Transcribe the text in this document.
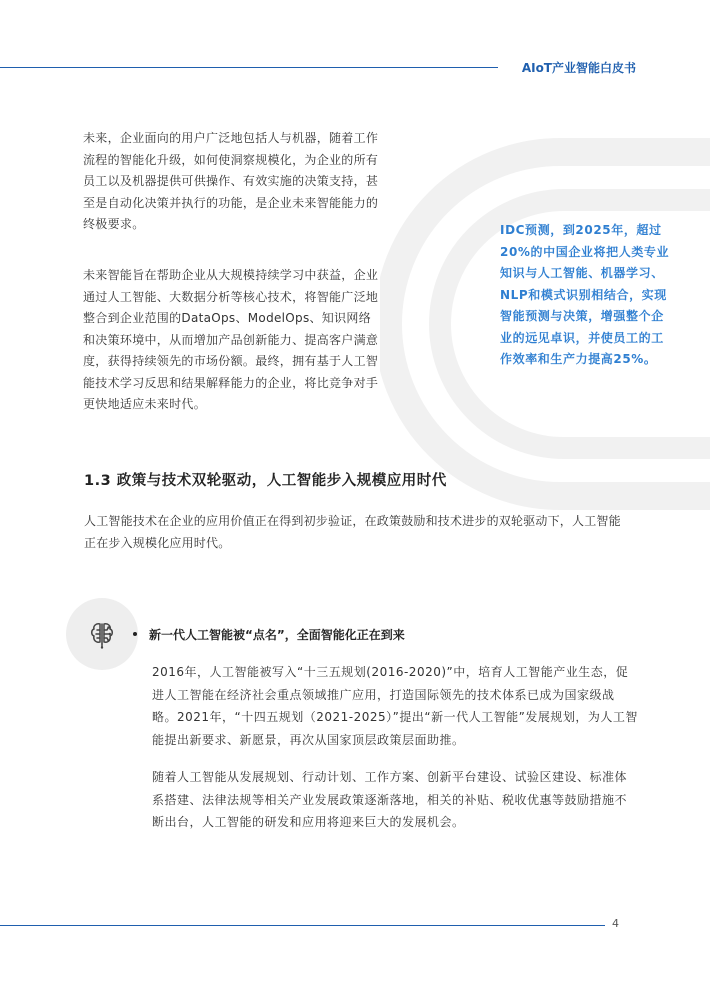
AIoT产业智能白皮书
未来，企业面向的用户广泛地包括人与机器，随着工作流程的智能化升级，如何使洞察规模化，为企业的所有员工以及机器提供可供操作、有效实施的决策支持，甚至是自动化决策并执行的功能，是企业未来智能能力的终极要求。
未来智能旨在帮助企业从大规模持续学习中获益，企业通过人工智能、大数据分析等核心技术，将智能广泛地整合到企业范围的DataOps、ModelOps、知识网络和决策环境中，从而增加产品创新能力、提高客户满意度，获得持续领先的市场份额。最终，拥有基于人工智能技术学习反思和结果解释能力的企业，将比竞争对手更快地适应未来时代。
IDC预测，到2025年，超过20%的中国企业将把人类专业知识与人工智能、机器学习、NLP和模式识别相结合，实现智能预测与决策，增强整个企业的远见卓识，并使员工的工作效率和生产力提高25%。
1.3 政策与技术双轮驱动，人工智能步入规模应用时代
人工智能技术在企业的应用价值正在得到初步验证，在政策鼓励和技术进步的双轮驱动下，人工智能正在步入规模化应用时代。
新一代人工智能被“点名”，全面智能化正在到来
2016年，人工智能被写入“十三五规划(2016-2020)”中，培育人工智能产业生态，促进人工智能在经济社会重点领域推广应用，打造国际领先的技术体系已成为国家级战略。2021年，“十四五规划（2021-2025）”提出“新一代人工智能”发展规划，为人工智能提出新要求、新愿景，再次从国家顶层政策层面助推。
随着人工智能从发展规划、行动计划、工作方案、创新平台建设、试验区建设、标准体系搭建、法律法规等相关产业发展政策逐渐落地，相关的补贴、税收优惠等鼓励措施不断出台，人工智能的研发和应用将迎来巨大的发展机会。
4
